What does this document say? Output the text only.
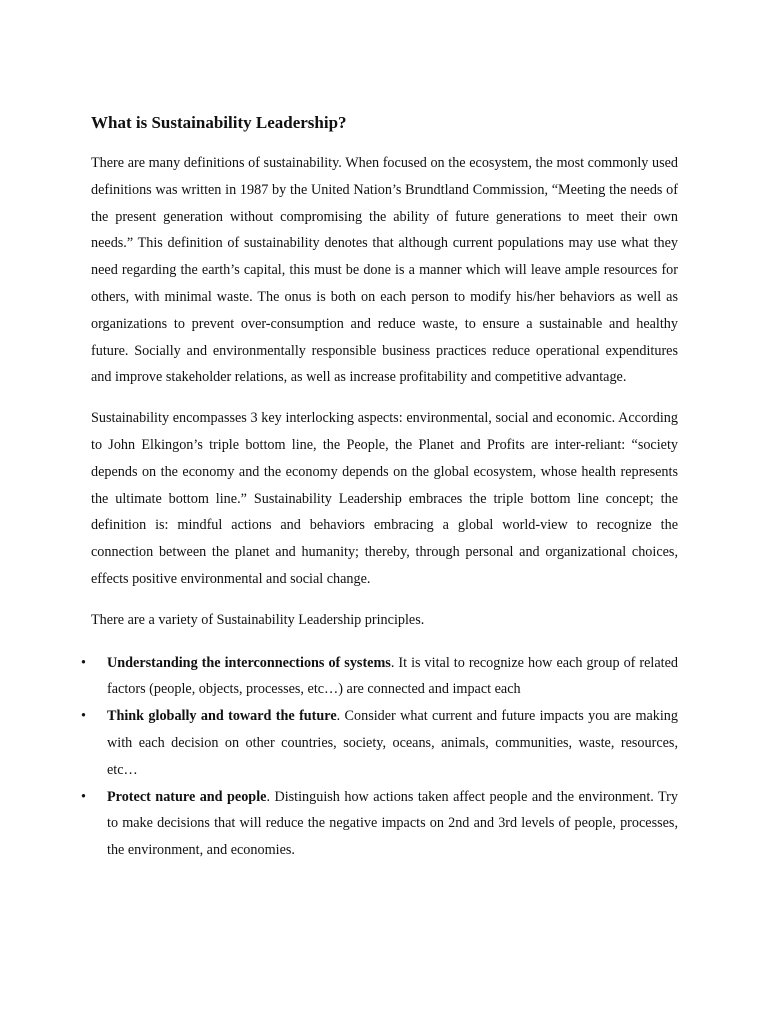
What is Sustainability Leadership?

There are many definitions of sustainability. When focused on the ecosystem, the most commonly used definitions was written in 1987 by the United Nation’s Brundtland Commission, “Meeting the needs of the present generation without compromising the ability of future generations to meet their own needs.” This definition of sustainability denotes that although current populations may use what they need regarding the earth’s capital, this must be done is a manner which will leave ample resources for others, with minimal waste. The onus is both on each person to modify his/her behaviors as well as organizations to prevent over-consumption and reduce waste, to ensure a sustainable and healthy future. Socially and environmentally responsible business practices reduce operational expenditures and improve stakeholder relations, as well as increase profitability and competitive advantage.

Sustainability encompasses 3 key interlocking aspects: environmental, social and economic. According to John Elkingon’s triple bottom line, the People, the Planet and Profits are inter-reliant: “society depends on the economy and the economy depends on the global ecosystem, whose health represents the ultimate bottom line.” Sustainability Leadership embraces the triple bottom line concept; the definition is: mindful actions and behaviors embracing a global world-view to recognize the connection between the planet and humanity; thereby, through personal and organizational choices, effects positive environmental and social change.

There are a variety of Sustainability Leadership principles.

•	Understanding the interconnections of systems. It is vital to recognize how each group of related factors (people, objects, processes, etc…) are connected and impact each
•	Think globally and toward the future. Consider what current and future impacts you are making with each decision on other countries, society, oceans, animals, communities, waste, resources, etc…
•	Protect nature and people. Distinguish how actions taken affect people and the environment. Try to make decisions that will reduce the negative impacts on 2nd and 3rd levels of people, processes, the environment, and economies.
